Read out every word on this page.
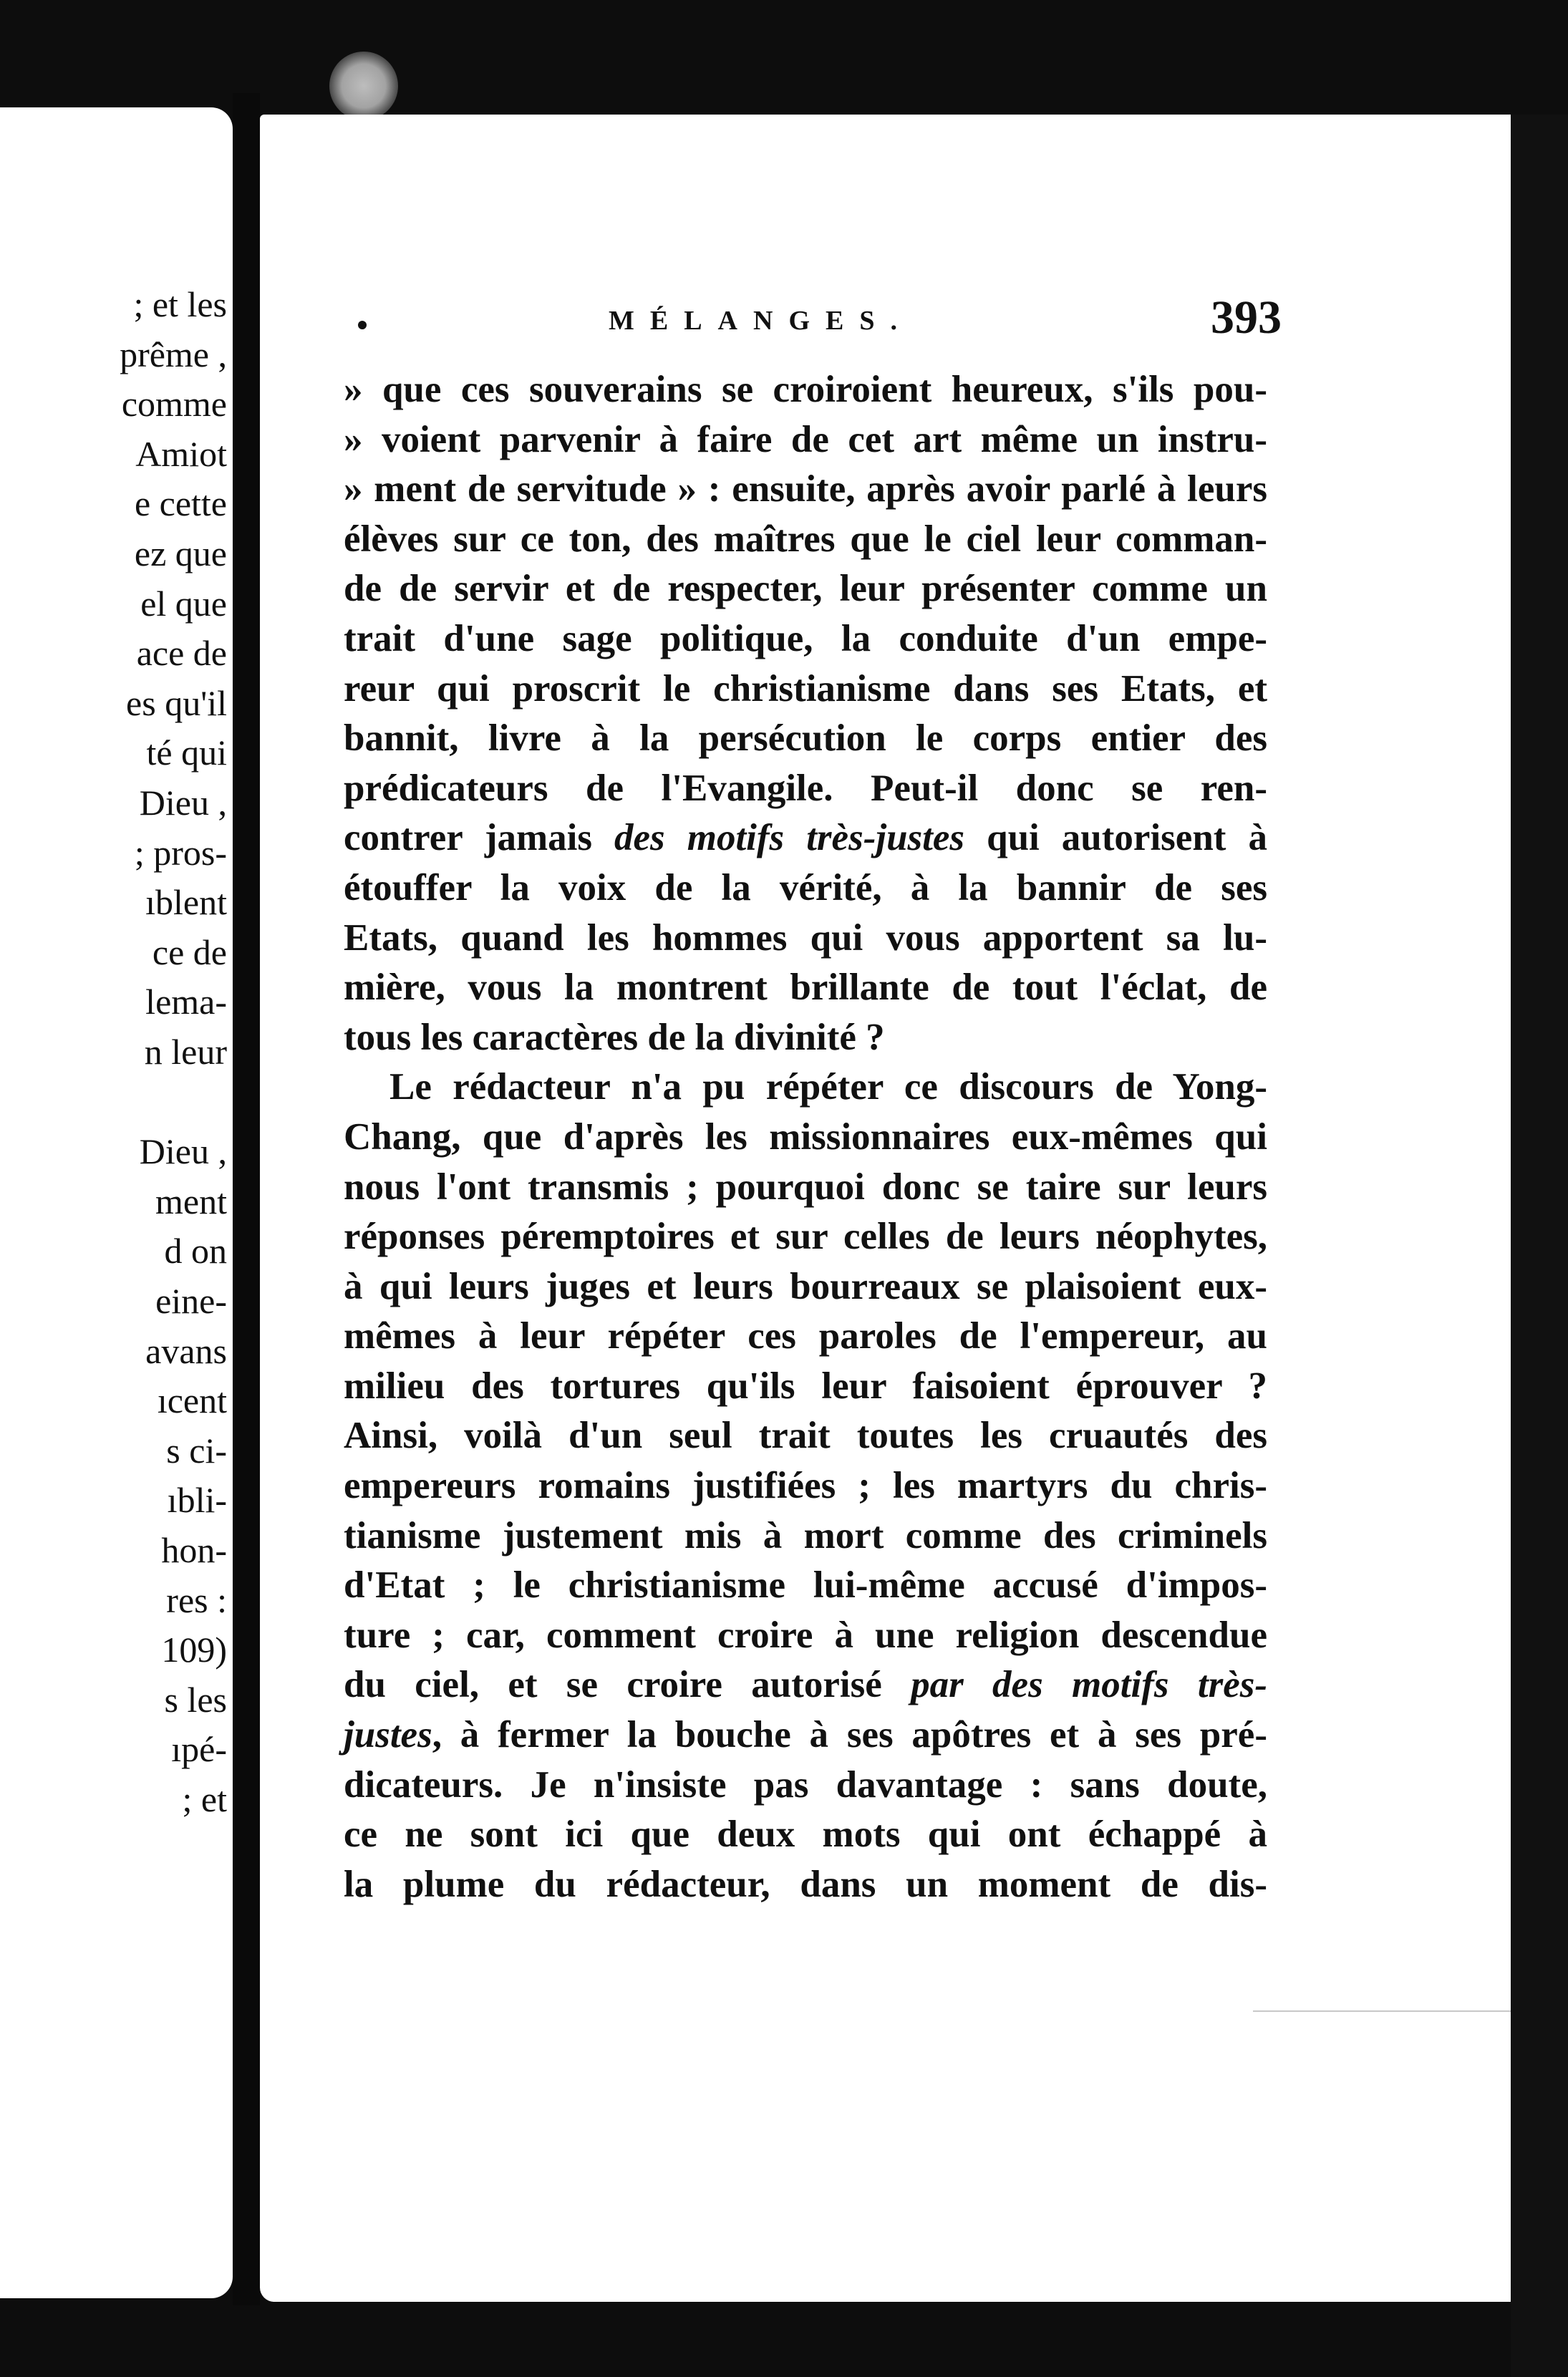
; et les
prême ,
comme
Amiot
e cette
ez que
el que
ace de
es qu'il
té qui
Dieu ,
; pros-
ıblent
ce de
lema-
n leur
Dieu ,
ment
d on
eine-
avans
ıcent
s ci-
ıbli-
hon-
res :
109)
s les
ıpé-
; et
MÉLANGES.	393
» que ces souverains se croiroient heureux, s'ils pou-
» voient parvenir à faire de cet art même un instru-
» ment de servitude » : ensuite, après avoir parlé à leurs
élèves sur ce ton, des maîtres que le ciel leur comman-
de de servir et de respecter, leur présenter comme un
trait d'une sage politique, la conduite d'un empe-
reur qui proscrit le christianisme dans ses Etats, et
bannit, livre à la persécution le corps entier des
prédicateurs de l'Evangile. Peut-il donc se ren-
contrer jamais des motifs très-justes qui autorisent à
étouffer la voix de la vérité, à la bannir de ses
Etats, quand les hommes qui vous apportent sa lu-
mière, vous la montrent brillante de tout l'éclat, de
tous les caractères de la divinité ?
Le rédacteur n'a pu répéter ce discours de Yong-
Chang, que d'après les missionnaires eux-mêmes qui
nous l'ont transmis ; pourquoi donc se taire sur leurs
réponses péremptoires et sur celles de leurs néophytes,
à qui leurs juges et leurs bourreaux se plaisoient eux-
mêmes à leur répéter ces paroles de l'empereur, au
milieu des tortures qu'ils leur faisoient éprouver ?
Ainsi, voilà d'un seul trait toutes les cruautés des
empereurs romains justifiées ; les martyrs du chris-
tianisme justement mis à mort comme des criminels
d'Etat ; le christianisme lui-même accusé d'impos-
ture ; car, comment croire à une religion descendue
du ciel, et se croire autorisé par des motifs très-
justes, à fermer la bouche à ses apôtres et à ses pré-
dicateurs. Je n'insiste pas davantage : sans doute,
ce ne sont ici que deux mots qui ont échappé à
la plume du rédacteur, dans un moment de dis-
